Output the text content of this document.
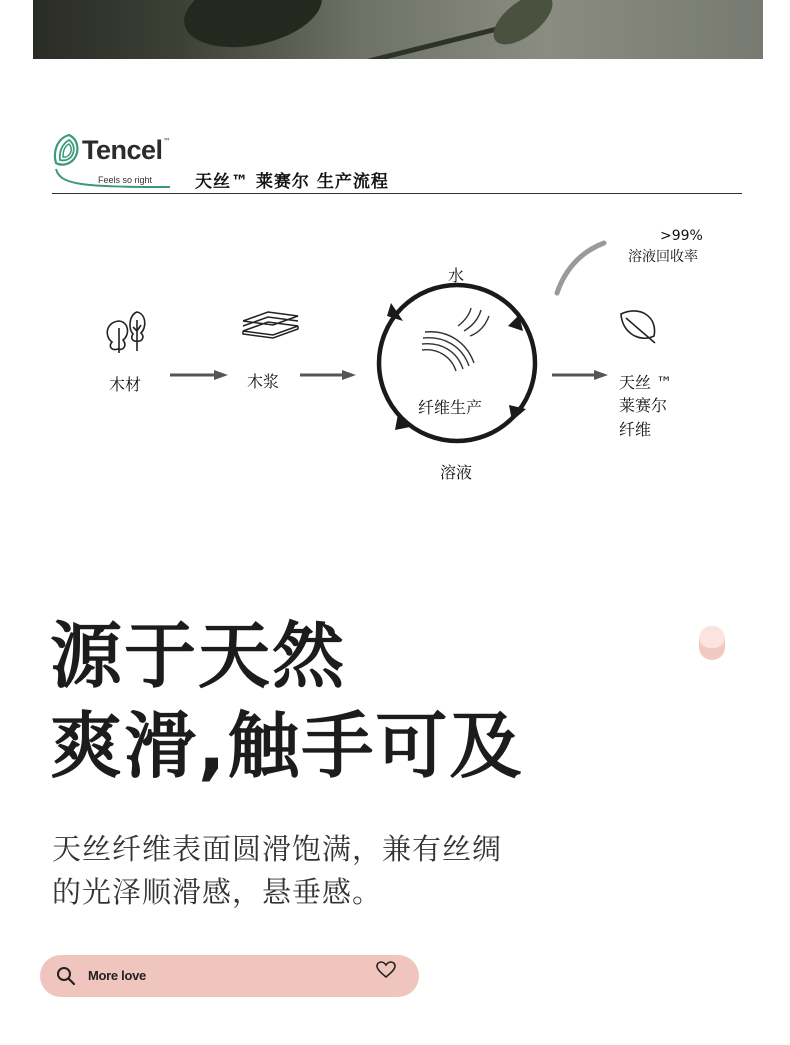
Tencel ™
Feels so right	天丝™ 莱赛尔 生产流程
木材	木浆
水
纤维生产
溶液
天丝 ™
莱赛尔
纤维
>99%
溶液回收率
源于天然
爽滑,触手可及
天丝纤维表面圆滑饱满，兼有丝绸
的光泽顺滑感，悬垂感。
More love
